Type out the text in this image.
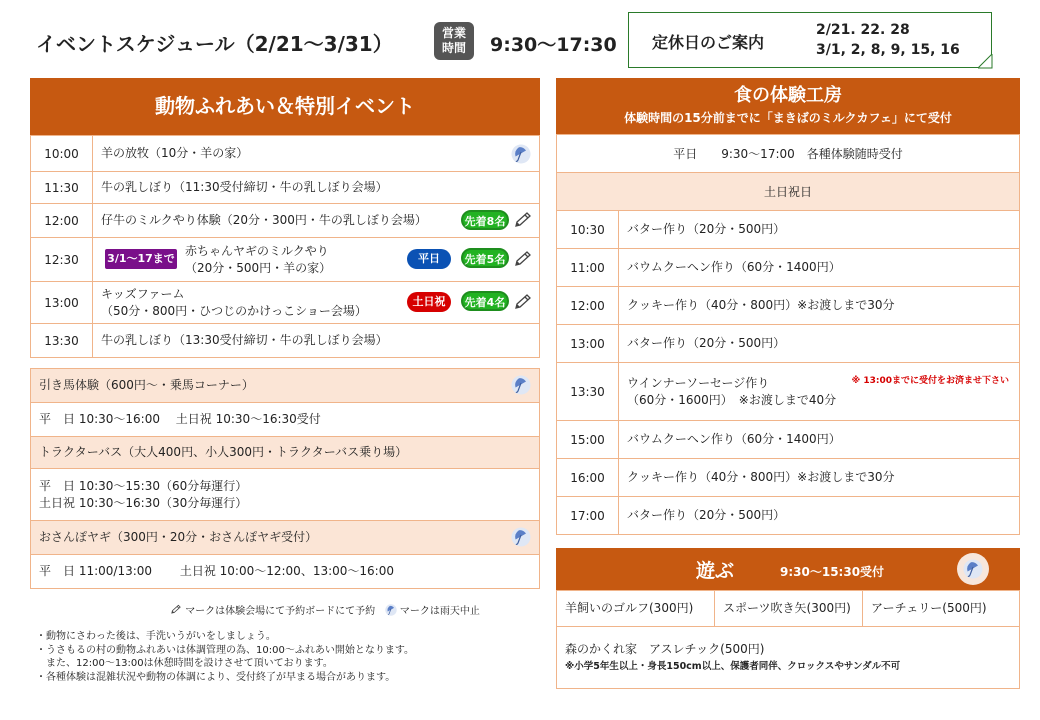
イベントスケジュール（2/21～3/31）	営業
時間	9:30～17:30 定休日のご案内
2/21. 22. 28
3/1, 2, 8, 9, 15, 16
動物ふれあい＆特別イベント
10:00	羊の放牧（10分・羊の家）

11:30	牛の乳しぼり（11:30受付締切・牛の乳しぼり会場）
12:00	仔牛のミルクやり体験（20分・300円・牛の乳しぼり会場） 先着8名

12:30	3/1～17まで
赤ちゃんヤギのミルクやり
（20分・500円・羊の家）
平日 先着5名

13:00	キッズファーム
（50分・800円・ひつじのかけっこショー会場）
土日祝 先着4名

13:30	牛の乳しぼり（13:30受付締切・牛の乳しぼり会場）
引き馬体験（600円～・乗馬コーナー）

平　日 10:30～16:00　 土日祝 10:30～16:30受付
トラクターバス（大人400円、小人300円・トラクターバス乗り場）

平　日 10:30～15:30（60分毎運行）
土日祝 10:30～16:30（30分毎運行）

おさんぽヤギ（300円・20分・おさんぽヤギ受付）

平　日 11:00/13:00　　 土日祝 10:00～12:00、13:00～16:00
マークは体験会場にて予約ボードにて予約 マークは雨天中止
・動物にさわった後は、手洗いうがいをしましょう。
・うさもるの村の動物ふれあいは体調管理の為、10:00～ふれあい開始となります。
　また、12:00～13:00は休憩時間を設けさせて頂いております。
・各種体験は混雑状況や動物の体調により、受付終了が早まる場合があります。
食の体験工房
体験時間の15分前までに「まきばのミルクカフェ」にて受付
平日　　9:30～17:00　各種体験随時受付	
土日祝日	
10:30	バター作り（20分・500円）
11:00	バウムクーヘン作り（60分・1400円）
12:00	クッキー作り（40分・800円）※お渡しまで30分
13:00	バター作り（20分・500円）
13:30	ウインナーソーセージ作り
（60分・1600円）　※お渡しまで40分
※ 13:00までに受付をお済ませ下さい

15:00	バウムクーヘン作り（60分・1400円）
16:00	クッキー作り（40分・800円）※お渡しまで30分
17:00	バター作り（20分・500円）
遊ぶ	9:30～15:30受付
羊飼いのゴルフ(300円)	スポーツ吹き矢(300円)	アーチェリー(500円)

森のかくれ家　アスレチック(500円)
※小学5年生以上・身長150cm以上、保護者同伴、クロックスやサンダル不可
